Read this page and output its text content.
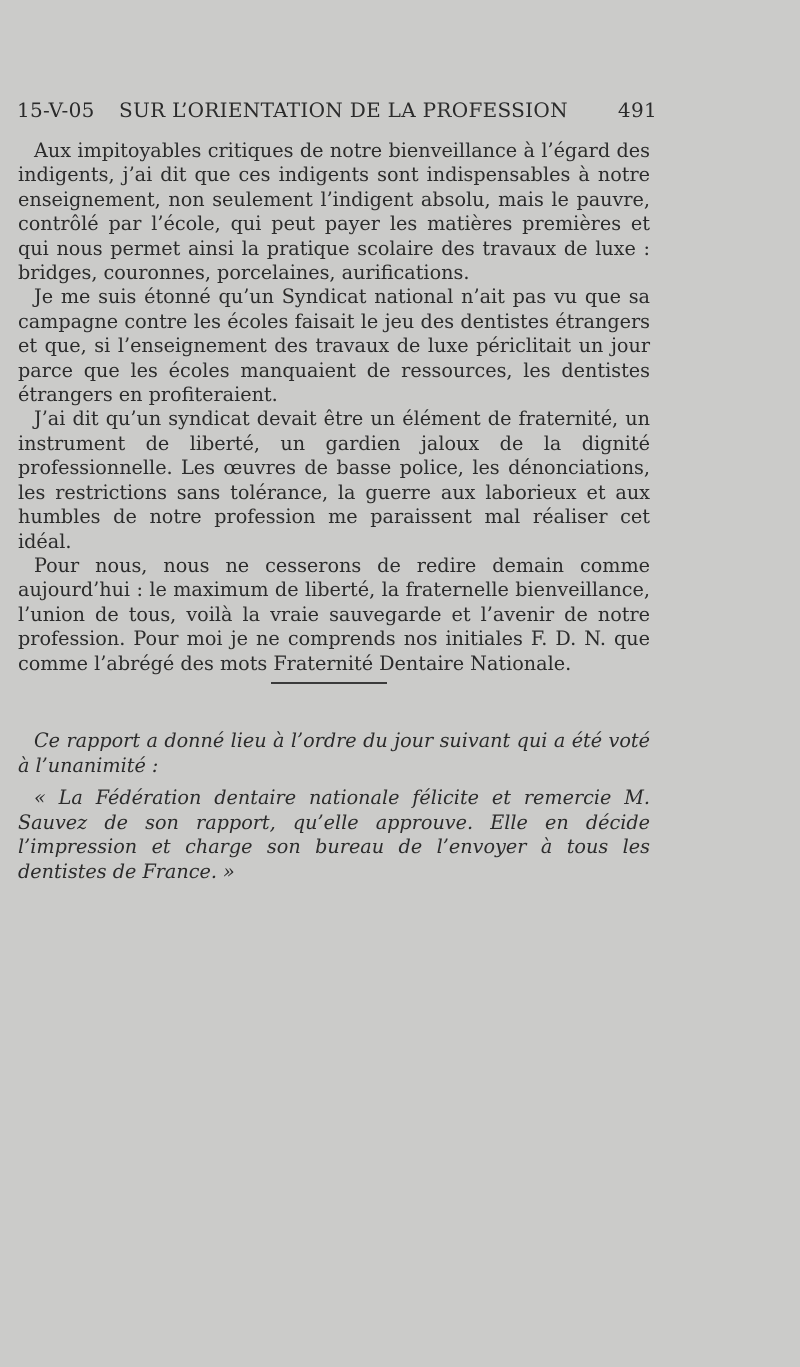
15-V-05 SUR L’ORIENTATION DE LA PROFESSION	491

Aux impitoyables critiques de notre bienveillance à l’égard des indigents, j’ai dit que ces indigents sont indispensables à notre enseignement, non seulement l’indigent absolu, mais le pauvre, contrôlé par l’école, qui peut payer les matières premières et qui nous permet ainsi la pratique scolaire des travaux de luxe : bridges, couronnes, porcelaines, aurifications.

Je me suis étonné qu’un Syndicat national n’ait pas vu que sa campagne contre les écoles faisait le jeu des dentistes étrangers et que, si l’enseignement des travaux de luxe périclitait un jour parce que les écoles manquaient de ressources, les dentistes étrangers en profiteraient.

J’ai dit qu’un syndicat devait être un élément de fraternité, un instrument de liberté, un gardien jaloux de la dignité professionnelle. Les œuvres de basse police, les dénonciations, les restrictions sans tolérance, la guerre aux laborieux et aux humbles de notre profession me paraissent mal réaliser cet idéal.

Pour nous, nous ne cesserons de redire demain comme aujourd’hui : le maximum de liberté, la fraternelle bienveillance, l’union de tous, voilà la vraie sauvegarde et l’avenir de notre profession. Pour moi je ne comprends nos initiales F. D. N. que comme l’abrégé des mots Fraternité Dentaire Nationale.

Ce rapport a donné lieu à l’ordre du jour suivant qui a été voté à l’unanimité :

« La Fédération dentaire nationale félicite et remercie M. Sauvez de son rapport, qu’elle approuve. Elle en décide l’impression et charge son bureau de l’envoyer à tous les dentistes de France. »
